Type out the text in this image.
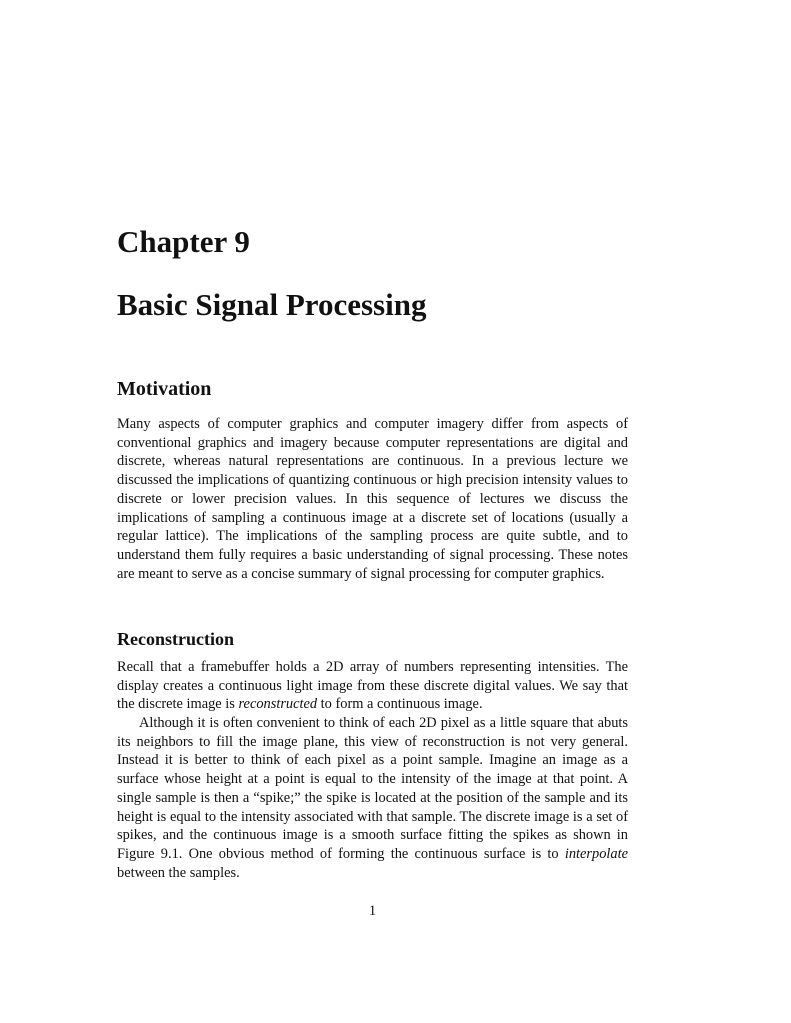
Chapter 9
Basic Signal Processing
Motivation

Many aspects of computer graphics and computer imagery differ from aspects of conventional graphics and imagery because computer representations are digital and discrete, whereas natural representations are continuous. In a previous lecture we discussed the implications of quantizing continuous or high precision intensity values to discrete or lower precision values. In this sequence of lectures we discuss the implications of sampling a continuous image at a discrete set of locations (usually a regular lattice). The implications of the sampling process are quite subtle, and to understand them fully requires a basic understanding of signal processing. These notes are meant to serve as a concise summary of signal processing for computer graphics.

Reconstruction

Recall that a framebuffer holds a 2D array of numbers representing intensities. The display creates a continuous light image from these discrete digital values. We say that the discrete image is reconstructed to form a continuous image.

Although it is often convenient to think of each 2D pixel as a little square that abuts its neighbors to fill the image plane, this view of reconstruction is not very general. Instead it is better to think of each pixel as a point sample. Imagine an image as a surface whose height at a point is equal to the intensity of the image at that point. A single sample is then a “spike;” the spike is located at the position of the sample and its height is equal to the intensity associated with that sample. The discrete image is a set of spikes, and the continuous image is a smooth surface fitting the spikes as shown in Figure 9.1. One obvious method of forming the continuous surface is to interpolate between the samples.

1
